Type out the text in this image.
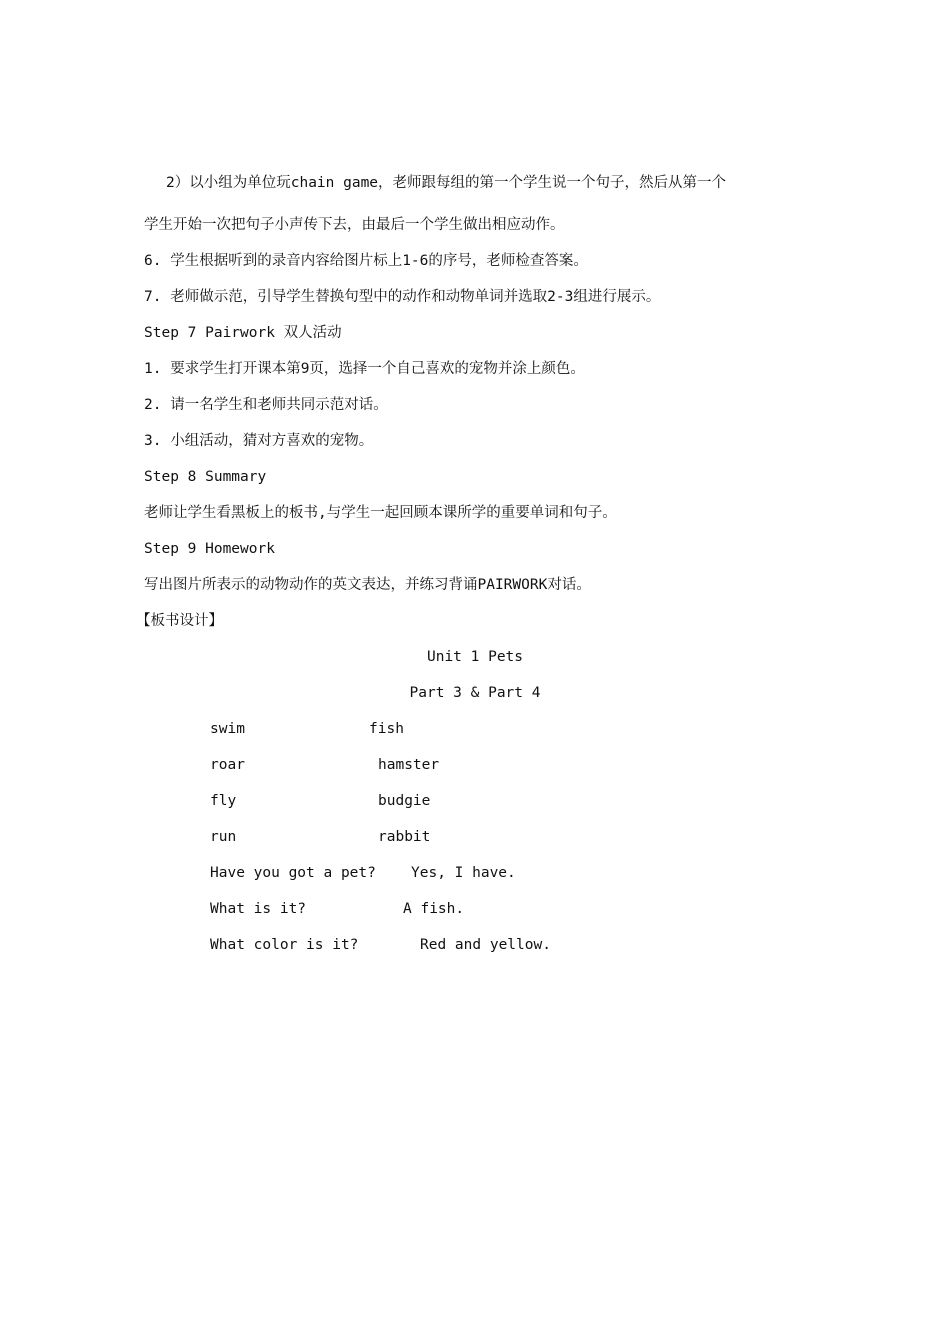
2）以小组为单位玩chain game，老师跟每组的第一个学生说一个句子，然后从第一个
学生开始一次把句子小声传下去，由最后一个学生做出相应动作。
6. 学生根据听到的录音内容给图片标上1-6的序号，老师检查答案。
7. 老师做示范，引导学生替换句型中的动作和动物单词并选取2-3组进行展示。
Step 7 Pairwork 双人活动
1. 要求学生打开课本第9页，选择一个自己喜欢的宠物并涂上颜色。
2. 请一名学生和老师共同示范对话。
3. 小组活动，猜对方喜欢的宠物。
Step 8 Summary
老师让学生看黑板上的板书,与学生一起回顾本课所学的重要单词和句子。
Step 9 Homework
写出图片所表示的动物动作的英文表达，并练习背诵PAIRWORK对话。
【板书设计】
Unit 1 Pets
Part 3 & Part 4
swim	fish
roar	hamster
fly	budgie
run	rabbit
Have you got a pet? Yes, I have.
What is it?	A fish.
What color is it?	Red and yellow.
